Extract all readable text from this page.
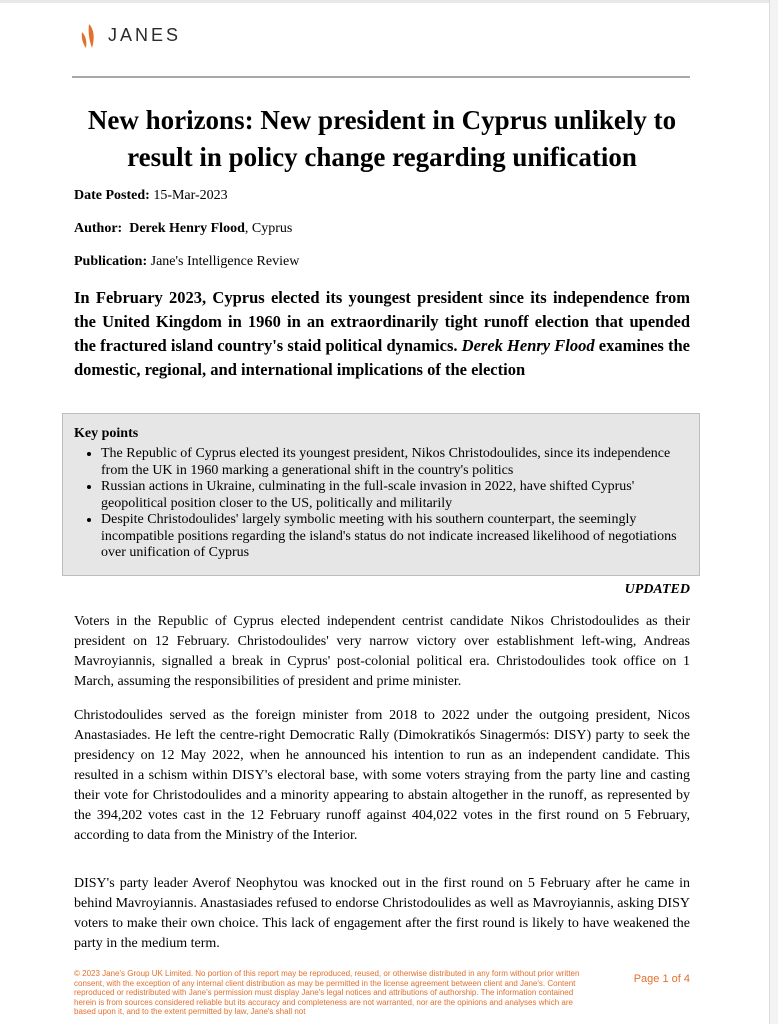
JANES
New horizons: New president in Cyprus unlikely to result in policy change regarding unification
Date Posted: 15-Mar-2023
Author: Derek Henry Flood, Cyprus
Publication: Jane's Intelligence Review
In February 2023, Cyprus elected its youngest president since its independence from the United Kingdom in 1960 in an extraordinarily tight runoff election that upended the fractured island country's staid political dynamics. Derek Henry Flood examines the domestic, regional, and international implications of the election
Key points
• The Republic of Cyprus elected its youngest president, Nikos Christodoulides, since its independence from the UK in 1960 marking a generational shift in the country's politics
• Russian actions in Ukraine, culminating in the full-scale invasion in 2022, have shifted Cyprus' geopolitical position closer to the US, politically and militarily
• Despite Christodoulides' largely symbolic meeting with his southern counterpart, the seemingly incompatible positions regarding the island's status do not indicate increased likelihood of negotiations over unification of Cyprus
UPDATED
Voters in the Republic of Cyprus elected independent centrist candidate Nikos Christodoulides as their president on 12 February. Christodoulides' very narrow victory over establishment left-wing, Andreas Mavroyiannis, signalled a break in Cyprus' post-colonial political era. Christodoulides took office on 1 March, assuming the responsibilities of president and prime minister.
Christodoulides served as the foreign minister from 2018 to 2022 under the outgoing president, Nicos Anastasiades. He left the centre-right Democratic Rally (Dimokratikós Sinagermós: DISY) party to seek the presidency on 12 May 2022, when he announced his intention to run as an independent candidate. This resulted in a schism within DISY's electoral base, with some voters straying from the party line and casting their vote for Christodoulides and a minority appearing to abstain altogether in the runoff, as represented by the 394,202 votes cast in the 12 February runoff against 404,022 votes in the first round on 5 February, according to data from the Ministry of the Interior.
DISY's party leader Averof Neophytou was knocked out in the first round on 5 February after he came in behind Mavroyiannis. Anastasiades refused to endorse Christodoulides as well as Mavroyiannis, asking DISY voters to make their own choice. This lack of engagement after the first round is likely to have weakened the party in the medium term.
© 2023 Jane's Group UK Limited. No portion of this report may be reproduced, reused, or otherwise distributed in any form without prior written consent, with the exception of any internal client distribution as may be permitted in the license agreement between client and Jane's. Content reproduced or redistributed with Jane's permission must display Jane's legal notices and attributions of authorship. The information contained herein is from sources considered reliable but its accuracy and completeness are not warranted, nor are the opinions and analyses which are based upon it, and to the extent permitted by law, Jane's shall not
Page 1 of 4
